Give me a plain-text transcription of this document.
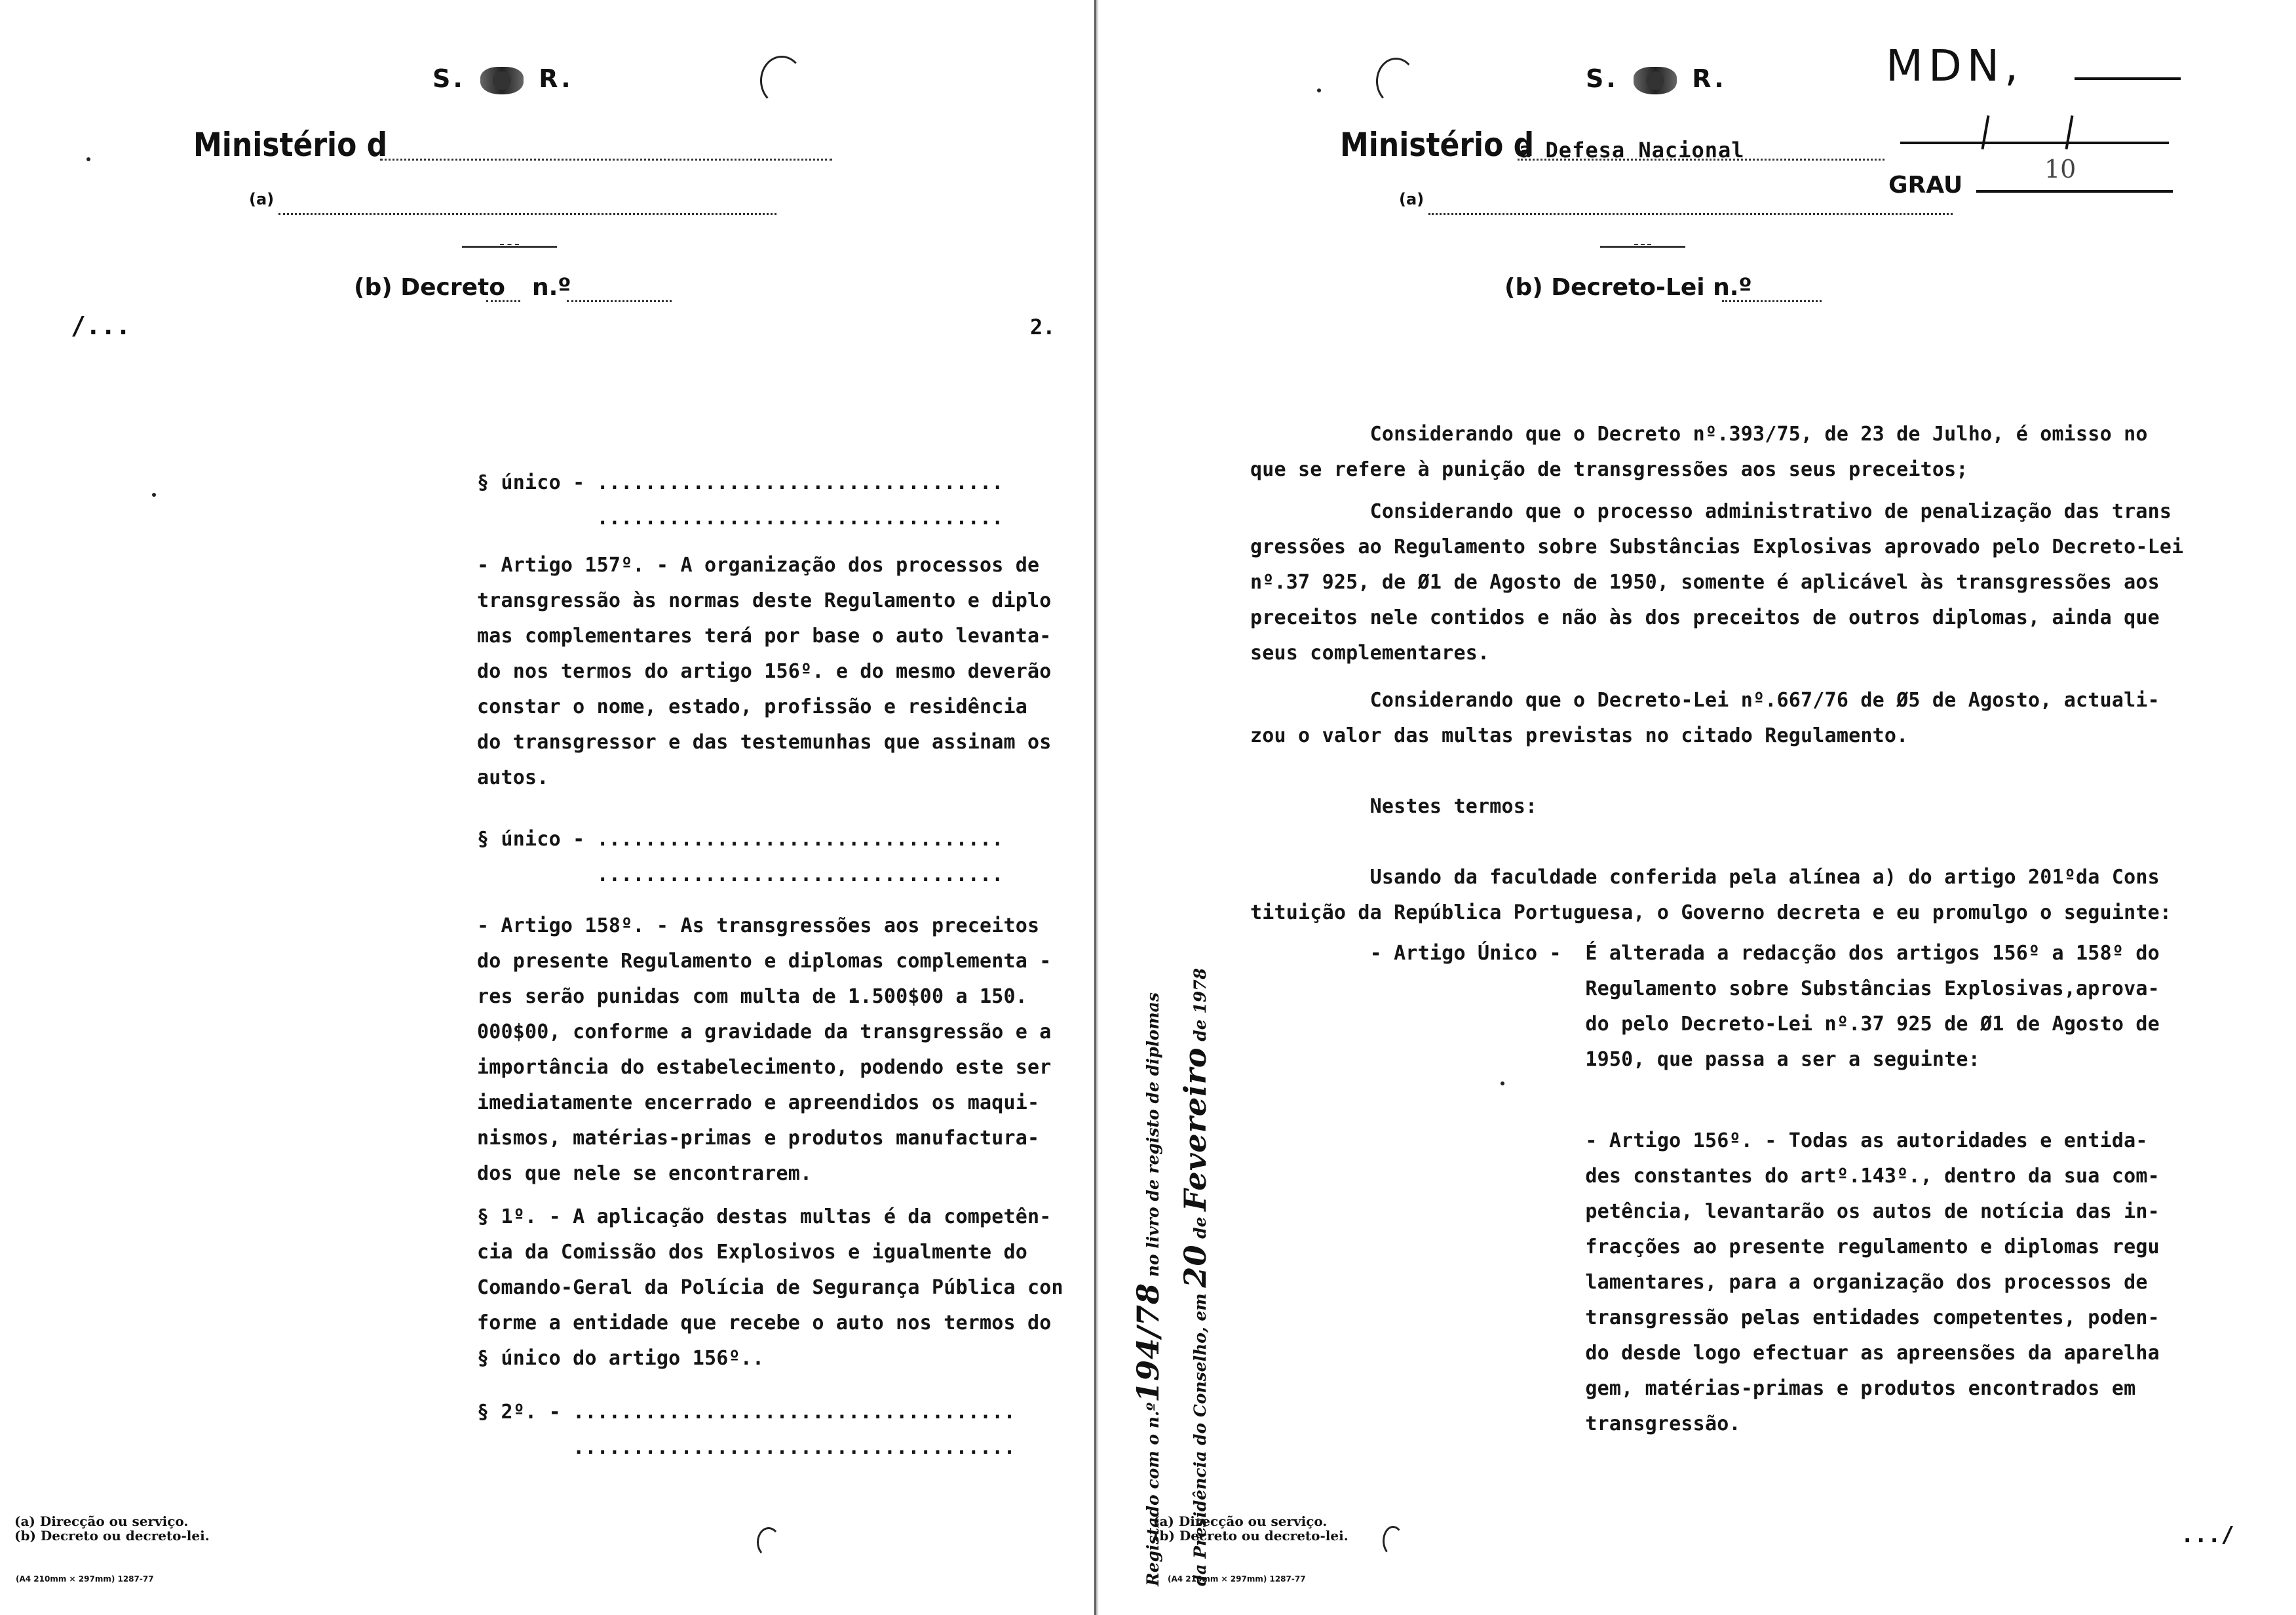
S.	R.
Ministério d
(a)
(b) Decreto n.º
/...	2.
§ único - ..................................
..................................
- Artigo 157º. - A organização dos processos de
transgressão às normas deste Regulamento e diplo
mas complementares terá por base o auto levanta-
do nos termos do artigo 156º. e do mesmo deverão
constar o nome, estado, profissão e residência
do transgressor e das testemunhas que assinam os
autos.
§ único - ..................................
..................................
- Artigo 158º. - As transgressões aos preceitos
do presente Regulamento e diplomas complementa -
res serão punidas com multa de 1.500$00 a 150.
000$00, conforme a gravidade da transgressão e a
importância do estabelecimento, podendo este ser
imediatamente encerrado e apreendidos os maqui-
nismos, matérias-primas e produtos manufactura-
dos que nele se encontrarem.
§ 1º. - A aplicação destas multas é da competên-
cia da Comissão dos Explosivos e igualmente do
Comando-Geral da Polícia de Segurança Pública con
forme a entidade que recebe o auto nos termos do
§ único do artigo 156º..
§ 2º. - .....................................
.....................................
(a) Direcção ou serviço.
(b) Decreto ou decreto-lei.
(A4 210mm × 297mm) 1287-77
S.	R.	MDN,
GRAU
10
Ministério d
a Defesa Nacional
(a)
(b) Decreto-Lei n.º
Considerando que o Decreto nº.393/75, de 23 de Julho, é omisso no
que se refere à punição de transgressões aos seus preceitos;
Considerando que o processo administrativo de penalização das trans
gressões ao Regulamento sobre Substâncias Explosivas aprovado pelo Decreto-Lei
nº.37 925, de Ø1 de Agosto de 1950, somente é aplicável às transgressões aos
preceitos nele contidos e não às dos preceitos de outros diplomas, ainda que
seus complementares.
Considerando que o Decreto-Lei nº.667/76 de Ø5 de Agosto, actuali-
zou o valor das multas previstas no citado Regulamento.
Nestes termos:
Usando da faculdade conferida pela alínea a) do artigo 201ºda Cons
tituição da República Portuguesa, o Governo decreta e eu promulgo o seguinte:
- Artigo Único -  É alterada a redacção dos artigos 156º a 158º do
Regulamento sobre Substâncias Explosivas,aprova-
do pelo Decreto-Lei nº.37 925 de Ø1 de Agosto de
1950, que passa a ser a seguinte:
- Artigo 156º. - Todas as autoridades e entida-
des constantes do artº.143º., dentro da sua com-
petência, levantarão os autos de notícia das in-
fracções ao presente regulamento e diplomas regu
lamentares, para a organização dos processos de
transgressão pelas entidades competentes, poden-
do desde logo efectuar as apreensões da aparelha
gem, matérias-primas e produtos encontrados em
transgressão.
.../
(a) Direcção ou serviço.
(b) Decreto ou decreto-lei.
(A4 210mm × 297mm) 1287-77
Registado com o n.º194/78 no livro de registo de diplomas
da Presidência do Conselho, em 20 de Fevereiro de 1978
